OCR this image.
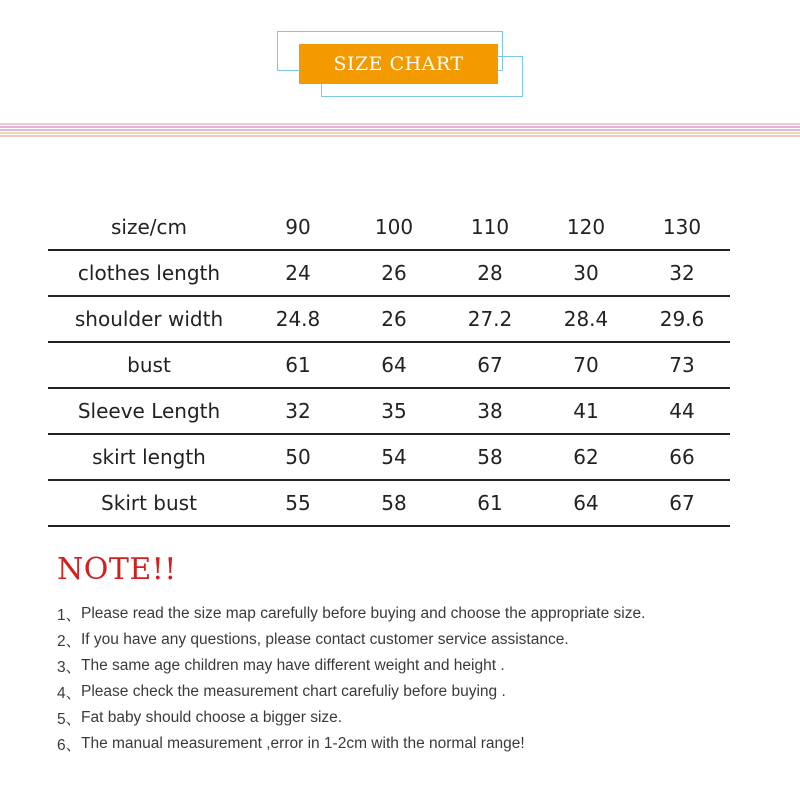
SIZE CHART
size/cm	90	100	110	120	130
clothes length	24	26	28	30	32
shoulder width	24.8	26	27.2	28.4	29.6
bust	61	64	67	70	73
Sleeve Length	32	35	38	41	44
skirt length	50	54	58	62	66
Skirt bust	55	58	61	64	67
NOTE!!
1、 Please read the size map carefully before buying and choose the appropriate size.
2、 If you have any questions, please contact customer service assistance.
3、 The same age children may have different weight and height .
4、 Please check the measurement chart carefuliy before buying .
5、 Fat baby should choose a bigger size.
6、 The manual measurement ,error in 1-2cm with the normal range!
